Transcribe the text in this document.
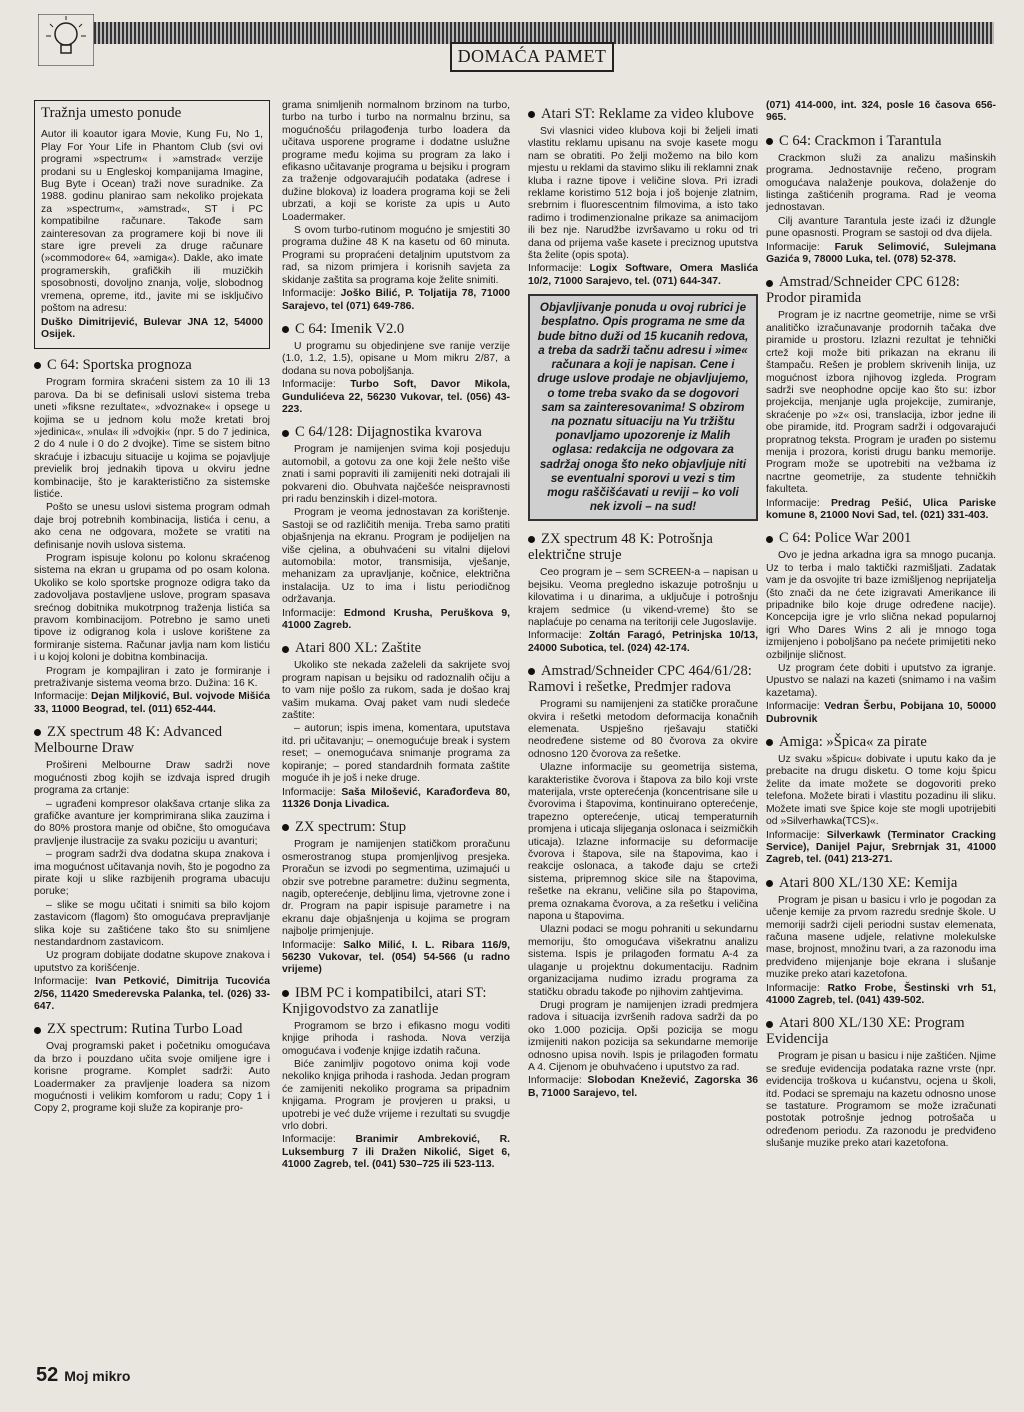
DOMAĆA PAMET
Tražnja umesto ponude

Autor ili koautor igara Movie, Kung Fu, No 1, Play For Your Life in Phantom Club (svi ovi programi »spectrum« i »amstrad« verzije prodani su u Engleskoj kompanijama Imagine, Bug Byte i Ocean) traži nove suradnike. Za 1988. godinu planirao sam nekoliko projekata za »spectrum«, »amstrad«, ST i PC kompatibilne računare. Takođe sam zainteresovan za programere koji bi nove ili stare igre preveli za druge računare (»commodore« 64, »amiga«). Dakle, ako imate programerskih, grafičkih ili muzičkih sposobnosti, dovoljno znanja, volje, slobodnog vremena, opreme, itd., javite mi se isključivo poštom na adresu:

Duško Dimitrijević, Bulevar JNA 12, 54000 Osijek.

C 64: Sportska prognoza

Program formira skraćeni sistem za 10 ili 13 parova. Da bi se definisali uslovi sistema treba uneti »fiksne rezultate«, »dvoznake« i opsege u kojima se u jednom kolu može kretati broj »jedinica«, »nula« ili »dvojki« (npr. 5 do 7 jedinica, 2 do 4 nule i 0 do 2 dvojke). Time se sistem bitno skraćuje i izbacuju situacije u kojima se pojavljuje previelik broj jednakih tipova u okviru jedne kombinacije, što je karakteristično za sistemske listiće.

Pošto se unesu uslovi sistema program odmah daje broj potrebnih kombinacija, listića i cenu, a ako cena ne odgovara, možete se vratiti na definisanje novih uslova sistema.

Program ispisuje kolonu po kolonu skraćenog sistema na ekran u grupama od po osam kolona. Ukoliko se kolo sportske prognoze odigra tako da zadovoljava postavljene uslove, program spasava srećnog dobitnika mukotrpnog traženja listića sa pravom kombinacijom. Potrebno je samo uneti tipove iz odigranog kola i uslove korištene za formiranje sistema. Računar javlja nam kom listiću i u kojoj koloni je dobitna kombinacija.

Program je kompajliran i zato je formiranje i pretraživanje sistema veoma brzo. Dužina: 16 K.

Informacije: Dejan Miljković, Bul. vojvode Mišića 33, 11000 Beograd, tel. (011) 652-444.

ZX spectrum 48 K: Advanced Melbourne Draw

Prošireni Melbourne Draw sadrži nove mogućnosti zbog kojih se izdvaja ispred drugih programa za crtanje:

– ugrađeni kompresor olakšava crtanje slika za grafičke avanture jer komprimirana slika zauzima i do 80% prostora manje od obične, što omogućava pravljenje ilustracije za svaku poziciju u avanturi;

– program sadrži dva dodatna skupa znakova i ima mogućnost učitavanja novih, što je pogodno za pirate koji u slike razbijenih programa ubacuju poruke;

– slike se mogu učitati i snimiti sa bilo kojom zastavicom (flagom) što omogućava prepravljanje slika koje su zaštićene tako što su snimljene nestandardnom zastavicom.

Uz program dobijate dodatne skupove znakova i uputstvo za korišćenje.

Informacije: Ivan Petković, Dimitrija Tucovića 2/56, 11420 Smederevska Palanka, tel. (026) 33-647.

ZX spectrum: Rutina Turbo Load

Ovaj programski paket i početniku omogućava da brzo i pouzdano učita svoje omiljene igre i korisne programe. Komplet sadrži: Auto Loadermaker za pravljenje loadera sa nizom mogućnosti i velikim komforom u radu; Copy 1 i Copy 2, programe koji služe za kopiranje pro-

grama snimljenih normalnom brzinom na turbo, turbo na turbo i turbo na normalnu brzinu, sa mogućnošću prilagođenja turbo loadera da učitava usporene programe i dodatne uslužne programe među kojima su program za lako i efikasno učitavanje programa u bejsiku i program za traženje odgovarajućih podataka (adrese i dužine blokova) iz loadera programa koji se želi ubrzati, a koji se koriste za upis u Auto Loadermaker.

S ovom turbo-rutinom mogućno je smjestiti 30 programa dužine 48 K na kasetu od 60 minuta. Programi su propraćeni detaljnim uputstvom za rad, sa nizom primjera i korisnih savjeta za skidanje zaštita sa programa koje želite snimiti.

Informacije: Joško Bilić, P. Toljatija 78, 71000 Sarajevo, tel (071) 649-786.

C 64: Imenik V2.0

U programu su objedinjene sve ranije verzije (1.0, 1.2, 1.5), opisane u Mom mikru 2/87, a dodana su nova poboljšanja.

Informacije: Turbo Soft, Davor Mikola, Gundulićeva 22, 56230 Vukovar, tel. (056) 43-223.

C 64/128: Dijagnostika kvarova

Program je namijenjen svima koji posjeduju automobil, a gotovu za one koji žele nešto više znati i sami popraviti ili zamijeniti neki dotrajali ili pokvareni dio. Obuhvata najčešće neispravnosti pri radu benzinskih i dizel-motora.

Program je veoma jednostavan za korištenje. Sastoji se od različitih menija. Treba samo pratiti objašnjenja na ekranu. Program je podijeljen na više cjelina, a obuhvaćeni su vitalni dijelovi automobila: motor, transmisija, vješanje, mehanizam za upravljanje, kočnice, električna instalacija. Uz to ima i listu periodičnog održavanja.

Informacije: Edmond Krusha, Peruškova 9, 41000 Zagreb.

Atari 800 XL: Zaštite

Ukoliko ste nekada zaželeli da sakrijete svoj program napisan u bejsiku od radoznalih očiju a to vam nije pošlo za rukom, sada je došao kraj vašim mukama. Ovaj paket vam nudi sledeće zaštite:

– autorun; ispis imena, komentara, uputstava itd. pri učitavanju; – onemogućuje break i system reset; – onemogućava snimanje programa za kopiranje; – pored standardnih formata zaštite moguće ih je još i neke druge.

Informacije: Saša Milošević, Karađorđeva 80, 11326 Donja Livadica.

ZX spectrum: Stup

Program je namijenjen statičkom proračunu osmerostranog stupa promjenljivog presjeka. Proračun se izvodi po segmentima, uzimajući u obzir sve potrebne parametre: dužinu segmenta, nagib, opterećenje, debljinu lima, vjetrovne zone i dr. Program na papir ispisuje parametre i na ekranu daje objašnjenja u kojima se program najbolje primjenjuje.

Informacije: Salko Milić, I. L. Ribara 116/9, 56230 Vukovar, tel. (054) 54-566 (u radno vrijeme)

IBM PC i kompatibilci, atari ST: Knjigovodstvo za zanatlije

Programom se brzo i efikasno mogu voditi knjige prihoda i rashoda. Nova verzija omogućava i vođenje knjige izdatih računa.

Biće zanimljiv pogotovo onima koji vode nekoliko knjiga prihoda i rashoda. Jedan program će zamijeniti nekoliko programa sa pripadnim knjigama. Program je provjeren u praksi, u upotrebi je već duže vrijeme i rezultati su svugdje vrlo dobri.

Informacije: Branimir Ambreković, R. Luksemburg 7 ili Dražen Nikolić, Siget 6, 41000 Zagreb, tel. (041) 530–725 ili 523-113.

Atari ST: Reklame za video klubove

Svi vlasnici video klubova koji bi željeli imati vlastitu reklamu upisanu na svoje kasete mogu nam se obratiti. Po želji možemo na bilo kom mjestu u reklami da stavimo sliku ili reklamni znak kluba i razne tipove i veličine slova. Pri izradi reklame koristimo 512 boja i još bojenje zlatnim, srebrnim i fluorescentnim filmovima, a isto tako radimo i trodimenzionalne prikaze sa animacijom ili bez nje. Narudžbe izvršavamo u roku od tri dana od prijema vaše kasete i preciznog uputstva šta želite (opis spota).

Informacije: Logix Software, Omera Maslića 10/2, 71000 Sarajevo, tel. (071) 644-347.

Objavljivanje ponuda u ovoj rubrici je besplatno. Opis programa ne sme da bude bitno duži od 15 kucanih redova, a treba da sadrži tačnu adresu i »ime« računara a koji je napisan. Cene i druge uslove prodaje ne objavljujemo, o tome treba svako da se dogovori sam sa zainteresovanima! S obzirom na poznatu situaciju na Yu tržištu ponavljamo upozorenje iz Malih oglasa: redakcija ne odgovara za sadržaj onoga što neko objavljuje niti se eventualni sporovi u vezi s tim mogu raščišćavati u reviji – ko voli nek izvoli – na sud!
ZX spectrum 48 K: Potrošnja električne struje

Ceo program je – sem SCREEN-a – napisan u bejsiku. Veoma pregledno iskazuje potrošnju u kilovatima i u dinarima, a uključuje i potrošnju krajem sedmice (u vikend-vreme) što se naplaćuje po cenama na teritoriji cele Jugoslavije.

Informacije: Zoltán Faragó, Petrinjska 10/13, 24000 Subotica, tel. (024) 42-174.

Amstrad/Schneider CPC 464/61/28: Ramovi i rešetke, Predmjer radova

Programi su namijenjeni za statičke proračune okvira i rešetki metodom deformacija konačnih elemenata. Uspješno rješavaju statički neodređene sisteme od 80 čvorova za okvire odnosno 120 čvorova za rešetke.

Ulazne informacije su geometrija sistema, karakteristike čvorova i štapova za bilo koji vrste materijala, vrste opterećenja (koncentrisane sile u čvorovima i štapovima, kontinuirano opterećenje, trapezno opterećenje, uticaj temperaturnih promjena i uticaja slijeganja oslonaca i seizmičkih uticaja). Izlazne informacije su deformacije čvorova i štapova, sile na štapovima, kao i reakcije oslonaca, a takođe daju se crteži sistema, pripremnog skice sile na štapovima, rešetke na ekranu, veličine sila po štapovima, prema oznakama čvorova, a za rešetku i veličina napona u štapovima.

Ulazni podaci se mogu pohraniti u sekundarnu memoriju, što omogućava višekratnu analizu sistema. Ispis je prilagođen formatu A-4 za ulaganje u projektnu dokumentaciju. Radnim organizacijama nudimo izradu programa za statičku obradu takođe po njihovim zahtjevima.

Drugi program je namijenjen izradi predmjera radova i situacija izvršenih radova sadrži da po oko 1.000 pozicija. Opši pozicija se mogu izmijeniti nakon pozicija sa sekundarne memorije odnosno upisa novih. Ispis je prilagođen formatu A 4. Cijenom je obuhvaćeno i uputstvo za rad.

Informacije: Slobodan Knežević, Zagorska 36 B, 71000 Sarajevo, tel.

(071) 414-000, int. 324, posle 16 časova 656-965.

C 64: Crackmon i Tarantula

Crackmon služi za analizu mašinskih programa. Jednostavnije rečeno, program omogućava nalaženje poukova, dolaženje do listinga zaštićenih programa. Rad je veoma jednostavan.

Cilj avanture Tarantula jeste izaći iz džungle pune opasnosti. Program se sastoji od dva dijela.

Informacije: Faruk Selimović, Sulejmana Gazića 9, 78000 Luka, tel. (078) 52-378.

Amstrad/Schneider CPC 6128: Prodor piramida

Program je iz nacrtne geometrije, nime se vrši analitičko izračunavanje prodornih tačaka dve piramide u prostoru. Izlazni rezultat je tehnički crtež koji može biti prikazan na ekranu ili štampaču. Rešen je problem skrivenih linija, uz mogućnost izbora njihovog izgleda. Program sadrži sve neophodne opcije kao što su: izbor projekcija, menjanje ugla projekcije, zumiranje, skraćenje po »z« osi, translacija, izbor jedne ili obe piramide, itd. Program sadrži i odgovarajući propratnog teksta. Program je urađen po sistemu menija i prozora, koristi drugu banku memorije. Program može se upotrebiti na vežbama iz nacrtne geometrije, za studente tehničkih fakulteta.

Informacije: Predrag Pešić, Ulica Pariske komune 8, 21000 Novi Sad, tel. (021) 331-403.

C 64: Police War 2001

Ovo je jedna arkadna igra sa mnogo pucanja. Uz to terba i malo taktički razmišljati. Zadatak vam je da osvojite tri baze izmišljenog neprijatelja (što znači da ne ćete izigravati Amerikance ili pripadnike bilo koje druge određene nacije). Koncepcija igre je vrlo slična nekad popularnoj igri Who Dares Wins 2 ali je mnogo toga izmijenjeno i poboljšano pa nećete primijetiti neko ozbiljnije sličnost.

Uz program ćete dobiti i uputstvo za igranje. Upustvo se nalazi na kazeti (snimamo i na vašim kazetama).

Informacije: Vedran Šerbu, Pobijana 10, 50000 Dubrovnik

Amiga: »Špica« za pirate

Uz svaku »špicu« dobivate i uputu kako da je prebacite na drugu disketu. O tome koju špicu želite da imate možete se dogovoriti preko telefona. Možete birati i vlastitu pozadinu ili sliku. Možete imati sve špice koje ste mogli upotrijebiti od »Silverhawka(TCS)«.

Informacije: Silverkawk (Terminator Cracking Service), Danijel Pajur, Srebrnjak 31, 41000 Zagreb, tel. (041) 213-271.

Atari 800 XL/130 XE: Kemija

Program je pisan u basicu i vrlo je pogodan za učenje kemije za prvom razredu srednje škole. U memoriji sadrži cijeli periodni sustav elemenata, računa masene udjele, relativne molekulske mase, brojnost, množinu tvari, a za razonodu ima predviđeno mijenjanje boje ekrana i slušanje muzike preko atari kazetofona.

Informacije: Ratko Frobe, Šestinski vrh 51, 41000 Zagreb, tel. (041) 439-502.

Atari 800 XL/130 XE: Program Evidencija

Program je pisan u basicu i nije zaštićen. Njime se sređuje evidencija podataka razne vrste (npr. evidencija troškova u kućanstvu, ocjena u školi, itd. Podaci se spremaju na kazetu odnosno unose se tastature. Programom se može izračunati postotak potrošnje jednog potrošača u određenom periodu. Za razonodu je predviđeno slušanje muzike preko atari kazetofona.

52 Moj mikro
